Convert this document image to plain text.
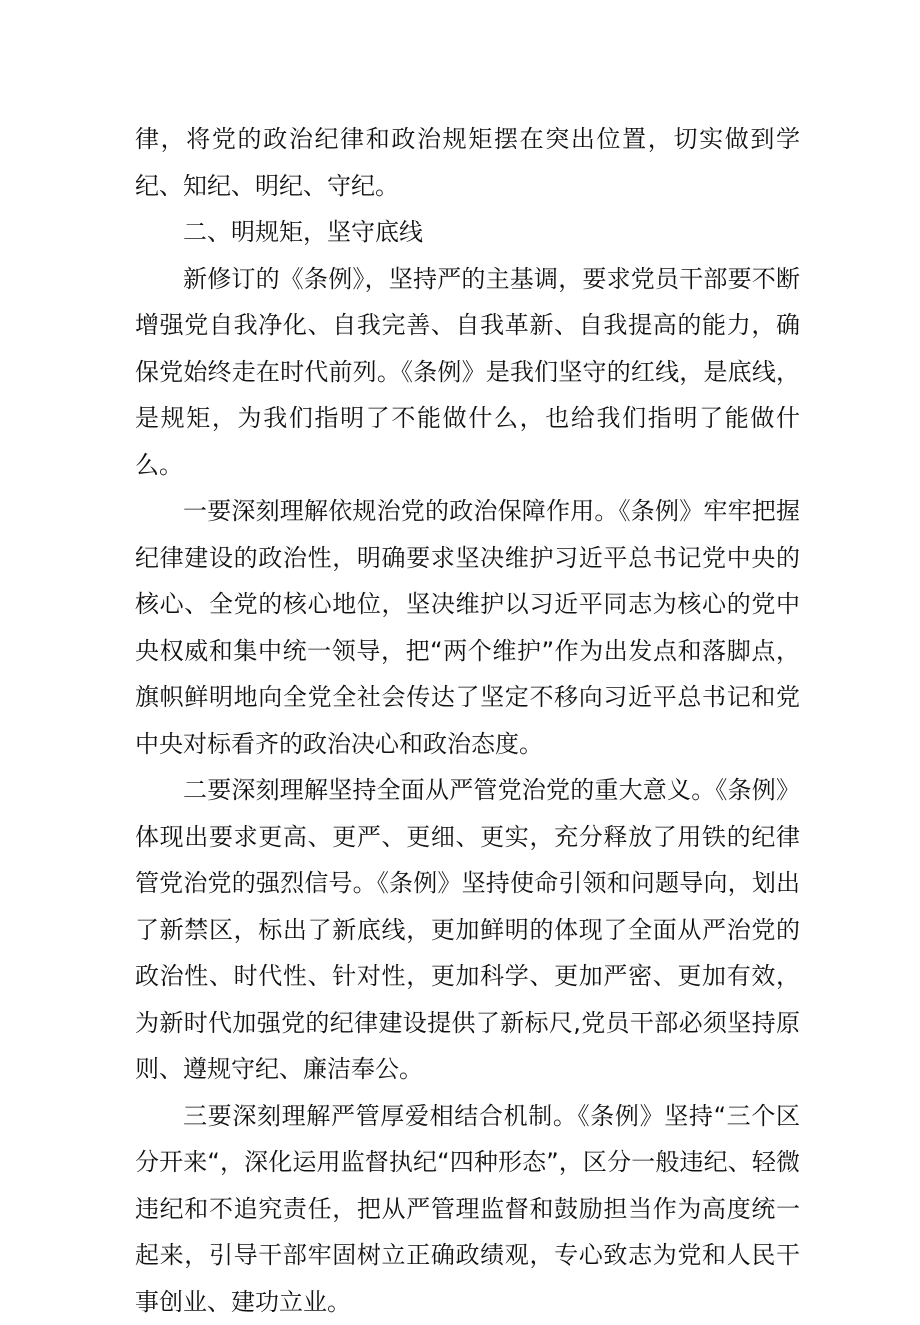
律，将党的政治纪律和政治规矩摆在突出位置，切实做到学纪、知纪、明纪、守纪。

二、明规矩，坚守底线

新修订的《条例》，坚持严的主基调，要求党员干部要不断增强党自我净化、自我完善、自我革新、自我提高的能力，确保党始终走在时代前列。《条例》是我们坚守的红线，是底线，是规矩，为我们指明了不能做什么，也给我们指明了能做什么。

一要深刻理解依规治党的政治保障作用。《条例》牢牢把握纪律建设的政治性，明确要求坚决维护习近平总书记党中央的核心、全党的核心地位，坚决维护以习近平同志为核心的党中央权威和集中统一领导，把“两个维护”作为出发点和落脚点，旗帜鲜明地向全党全社会传达了坚定不移向习近平总书记和党中央对标看齐的政治决心和政治态度。

二要深刻理解坚持全面从严管党治党的重大意义。《条例》体现出要求更高、更严、更细、更实，充分释放了用铁的纪律管党治党的强烈信号。《条例》坚持使命引领和问题导向，划出了新禁区，标出了新底线，更加鲜明的体现了全面从严治党的政治性、时代性、针对性，更加科学、更加严密、更加有效，为新时代加强党的纪律建设提供了新标尺,党员干部必须坚持原则、遵规守纪、廉洁奉公。

三要深刻理解严管厚爱相结合机制。《条例》坚持“三个区分开来“，深化运用监督执纪“四种形态”，区分一般违纪、轻微违纪和不追究责任，把从严管理监督和鼓励担当作为高度统一起来，引导干部牢固树立正确政绩观，专心致志为党和人民干事创业、建功立业。
